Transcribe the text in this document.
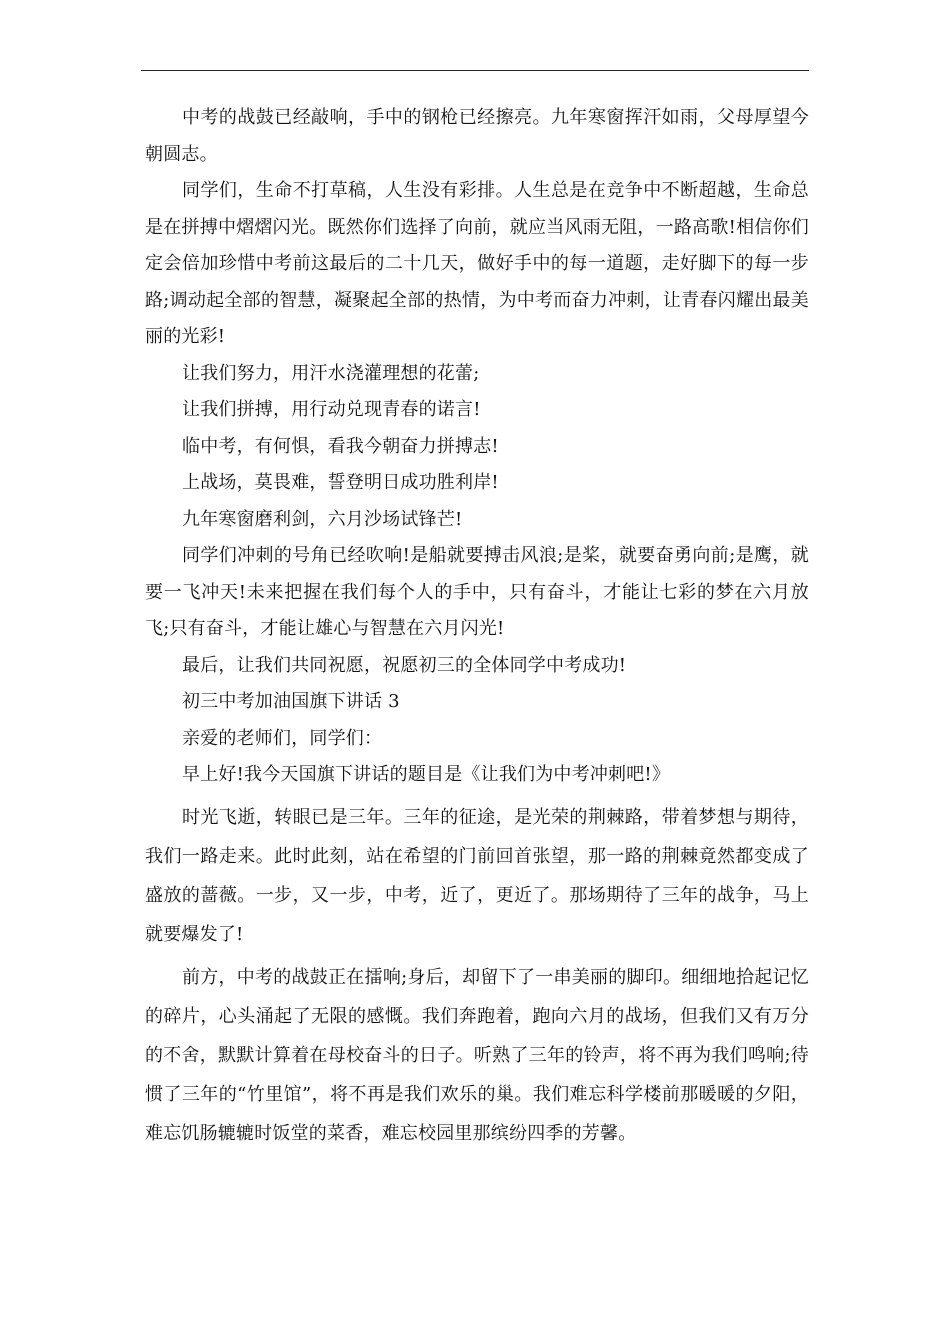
中考的战鼓已经敲响，手中的钢枪已经擦亮。九年寒窗挥汗如雨，父母厚望今朝圆志。

同学们，生命不打草稿，人生没有彩排。人生总是在竞争中不断超越，生命总是在拼搏中熠熠闪光。既然你们选择了向前，就应当风雨无阻，一路高歌!相信你们定会倍加珍惜中考前这最后的二十几天，做好手中的每一道题，走好脚下的每一步路;调动起全部的智慧，凝聚起全部的热情，为中考而奋力冲刺，让青春闪耀出最美丽的光彩!

让我们努力，用汗水浇灌理想的花蕾;

让我们拼搏，用行动兑现青春的诺言!

临中考，有何惧，看我今朝奋力拼搏志!

上战场，莫畏难，誓登明日成功胜利岸!

九年寒窗磨利剑，六月沙场试锋芒!

同学们冲刺的号角已经吹响!是船就要搏击风浪;是桨，就要奋勇向前;是鹰，就要一飞冲天!未来把握在我们每个人的手中，只有奋斗，才能让七彩的梦在六月放飞;只有奋斗，才能让雄心与智慧在六月闪光!

最后，让我们共同祝愿，祝愿初三的全体同学中考成功!

初三中考加油国旗下讲话 3

亲爱的老师们，同学们：

早上好!我今天国旗下讲话的题目是《让我们为中考冲刺吧!》

时光飞逝，转眼已是三年。三年的征途，是光荣的荆棘路，带着梦想与期待，我们一路走来。此时此刻，站在希望的门前回首张望，那一路的荆棘竟然都变成了盛放的蔷薇。一步，又一步，中考，近了，更近了。那场期待了三年的战争，马上就要爆发了!

前方，中考的战鼓正在擂响;身后，却留下了一串美丽的脚印。细细地拾起记忆的碎片，心头涌起了无限的感慨。我们奔跑着，跑向六月的战场，但我们又有万分的不舍，默默计算着在母校奋斗的日子。听熟了三年的铃声，将不再为我们鸣响;待惯了三年的“竹里馆”，将不再是我们欢乐的巢。我们难忘科学楼前那暖暖的夕阳，难忘饥肠辘辘时饭堂的菜香，难忘校园里那缤纷四季的芳馨。
